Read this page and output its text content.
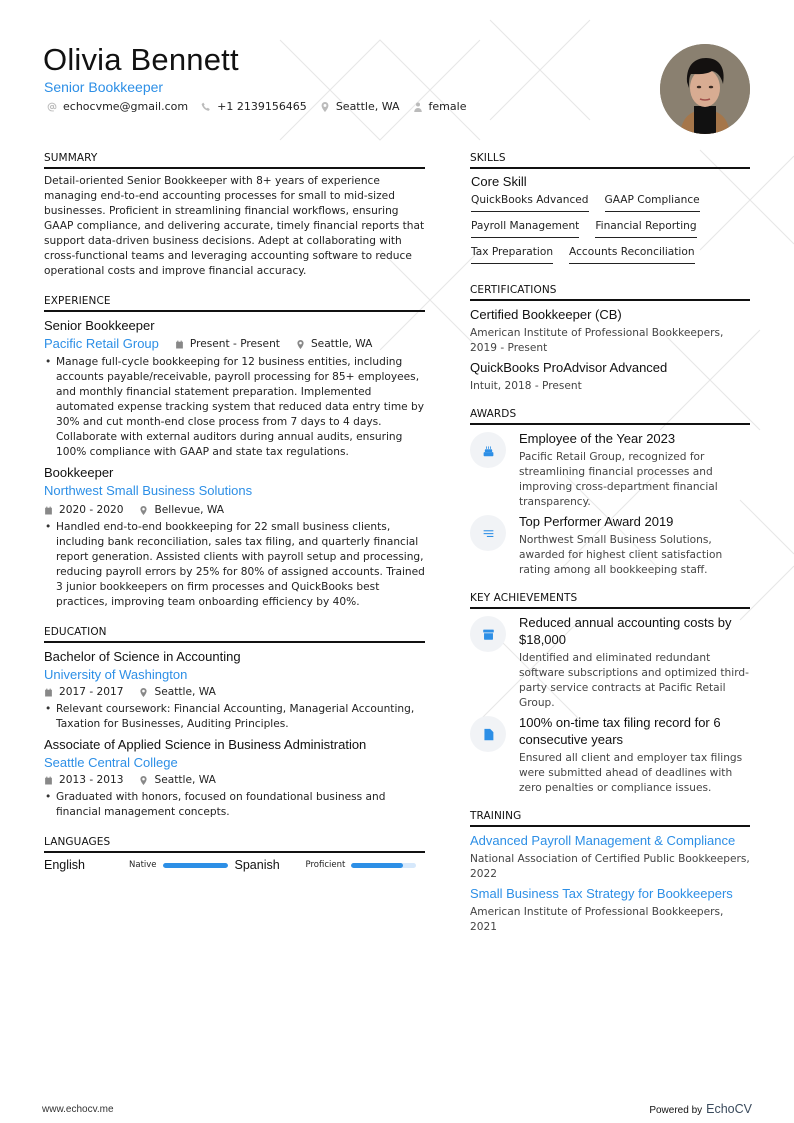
Olivia Bennett
Senior Bookkeeper
echocvme@gmail.com	+1 2139156465	Seattle, WA	female
SUMMARY
Detail-oriented Senior Bookkeeper with 8+ years of experience managing end-to-end accounting processes for small to mid-sized businesses. Proficient in streamlining financial workflows, ensuring GAAP compliance, and delivering accurate, timely financial reports that support data-driven business decisions. Adept at collaborating with cross-functional teams and leveraging accounting software to reduce operational costs and improve financial accuracy.
EXPERIENCE
Senior Bookkeeper
Pacific Retail Group	Present - Present	Seattle, WA
• Manage full-cycle bookkeeping for 12 business entities, including accounts payable/receivable, payroll processing for 85+ employees, and monthly financial statement preparation. Implemented automated expense tracking system that reduced data entry time by 30% and cut month-end close process from 7 days to 4 days. Collaborate with external auditors during annual audits, ensuring 100% compliance with GAAP and state tax regulations.
Bookkeeper
Northwest Small Business Solutions
2020 - 2020	Bellevue, WA
• Handled end-to-end bookkeeping for 22 small business clients, including bank reconciliation, sales tax filing, and quarterly financial report generation. Assisted clients with payroll setup and processing, reducing payroll errors by 25% for 80% of assigned accounts. Trained 3 junior bookkeepers on firm processes and QuickBooks best practices, improving team onboarding efficiency by 40%.
EDUCATION
Bachelor of Science in Accounting
University of Washington
2017 - 2017	Seattle, WA
• Relevant coursework: Financial Accounting, Managerial Accounting, Taxation for Businesses, Auditing Principles.
Associate of Applied Science in Business Administration
Seattle Central College
2013 - 2013	Seattle, WA
• Graduated with honors, focused on foundational business and financial management concepts.
LANGUAGES
English	Native	Spanish	Proficient
SKILLS
Core Skill
QuickBooks Advanced GAAP Compliance
Payroll Management Financial Reporting
Tax Preparation Accounts Reconciliation
CERTIFICATIONS
Certified Bookkeeper (CB)
American Institute of Professional Bookkeepers, 2019 - Present
QuickBooks ProAdvisor Advanced
Intuit, 2018 - Present
AWARDS
Employee of the Year 2023
Pacific Retail Group, recognized for streamlining financial processes and improving cross-department financial transparency.
Top Performer Award 2019
Northwest Small Business Solutions, awarded for highest client satisfaction rating among all bookkeeping staff.
KEY ACHIEVEMENTS
Reduced annual accounting costs by $18,000
Identified and eliminated redundant software subscriptions and optimized third-party service contracts at Pacific Retail Group.
100% on-time tax filing record for 6 consecutive years
Ensured all client and employer tax filings were submitted ahead of deadlines with zero penalties or compliance issues.
TRAINING
Advanced Payroll Management & Compliance
National Association of Certified Public Bookkeepers, 2022
Small Business Tax Strategy for Bookkeepers
American Institute of Professional Bookkeepers, 2021
www.echocv.me	Powered by EchoCV
